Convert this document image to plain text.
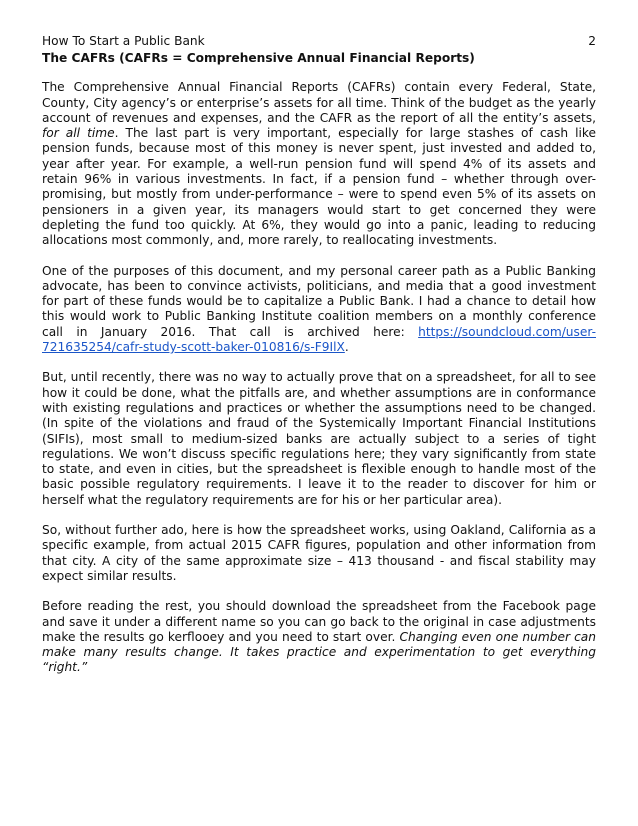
How To Start a Public Bank	2
The CAFRs (CAFRs = Comprehensive Annual Financial Reports)

The Comprehensive Annual Financial Reports (CAFRs) contain every Federal, State, County, City agency’s or enterprise’s assets for all time. Think of the budget as the yearly account of revenues and expenses, and the CAFR as the report of all the entity’s assets, for all time. The last part is very important, especially for large stashes of cash like pension funds, because most of this money is never spent, just invested and added to, year after year. For example, a well-run pension fund will spend 4% of its assets and retain 96% in various investments. In fact, if a pension fund – whether through over-promising, but mostly from under-performance – were to spend even 5% of its assets on pensioners in a given year, its managers would start to get concerned they were depleting the fund too quickly. At 6%, they would go into a panic, leading to reducing allocations most commonly, and, more rarely, to reallocating investments.

One of the purposes of this document, and my personal career path as a Public Banking advocate, has been to convince activists, politicians, and media that a good investment for part of these funds would be to capitalize a Public Bank. I had a chance to detail how this would work to Public Banking Institute coalition members on a monthly conference call in January 2016. That call is archived here: https://soundcloud.com/user-721635254/cafr-study-scott-baker-010816/s-F9IlX.

But, until recently, there was no way to actually prove that on a spreadsheet, for all to see how it could be done, what the pitfalls are, and whether assumptions are in conformance with existing regulations and practices or whether the assumptions need to be changed. (In spite of the violations and fraud of the Systemically Important Financial Institutions (SIFIs), most small to medium-sized banks are actually subject to a series of tight regulations. We won’t discuss specific regulations here; they vary significantly from state to state, and even in cities, but the spreadsheet is flexible enough to handle most of the basic possible regulatory requirements. I leave it to the reader to discover for him or herself what the regulatory requirements are for his or her particular area).

So, without further ado, here is how the spreadsheet works, using Oakland, California as a specific example, from actual 2015 CAFR figures, population and other information from that city. A city of the same approximate size – 413 thousand - and fiscal stability may expect similar results.

Before reading the rest, you should download the spreadsheet from the Facebook page and save it under a different name so you can go back to the original in case adjustments make the results go kerflooey and you need to start over. Changing even one number can make many results change. It takes practice and experimentation to get everything “right.”
